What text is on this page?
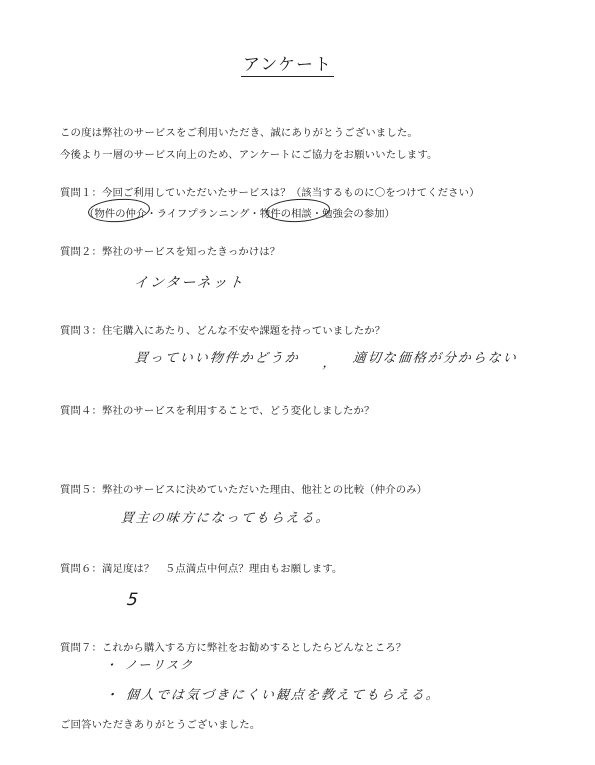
アンケート
この度は弊社のサービスをご利用いただき、誠にありがとうございました。
今後より一層のサービス向上のため、アンケートにご協力をお願いいたします。
質問１：今回ご利用していただいたサービスは？（該当するものに〇をつけてください）
（物件の仲介・ライフプランニング・物件の相談・勉強会の参加）
質問２：弊社のサービスを知ったきっかけは？
インターネット
質問３：住宅購入にあたり、どんな不安や課題を持っていましたか？
買っていい物件かどうか ， 適切な価格が分からない
質問４：弊社のサービスを利用することで、どう変化しましたか？
質問５：弊社のサービスに決めていただいた理由、他社との比較（仲介のみ）
買主の味方になってもらえる。
質問６：満足度は？　５点満点中何点？理由もお願します。
5
質問７：これから購入する方に弊社をお勧めするとしたらどんなところ？
・ ノーリスク
・ 個人では気づきにくい観点を教えてもらえる。
ご回答いただきありがとうございました。
